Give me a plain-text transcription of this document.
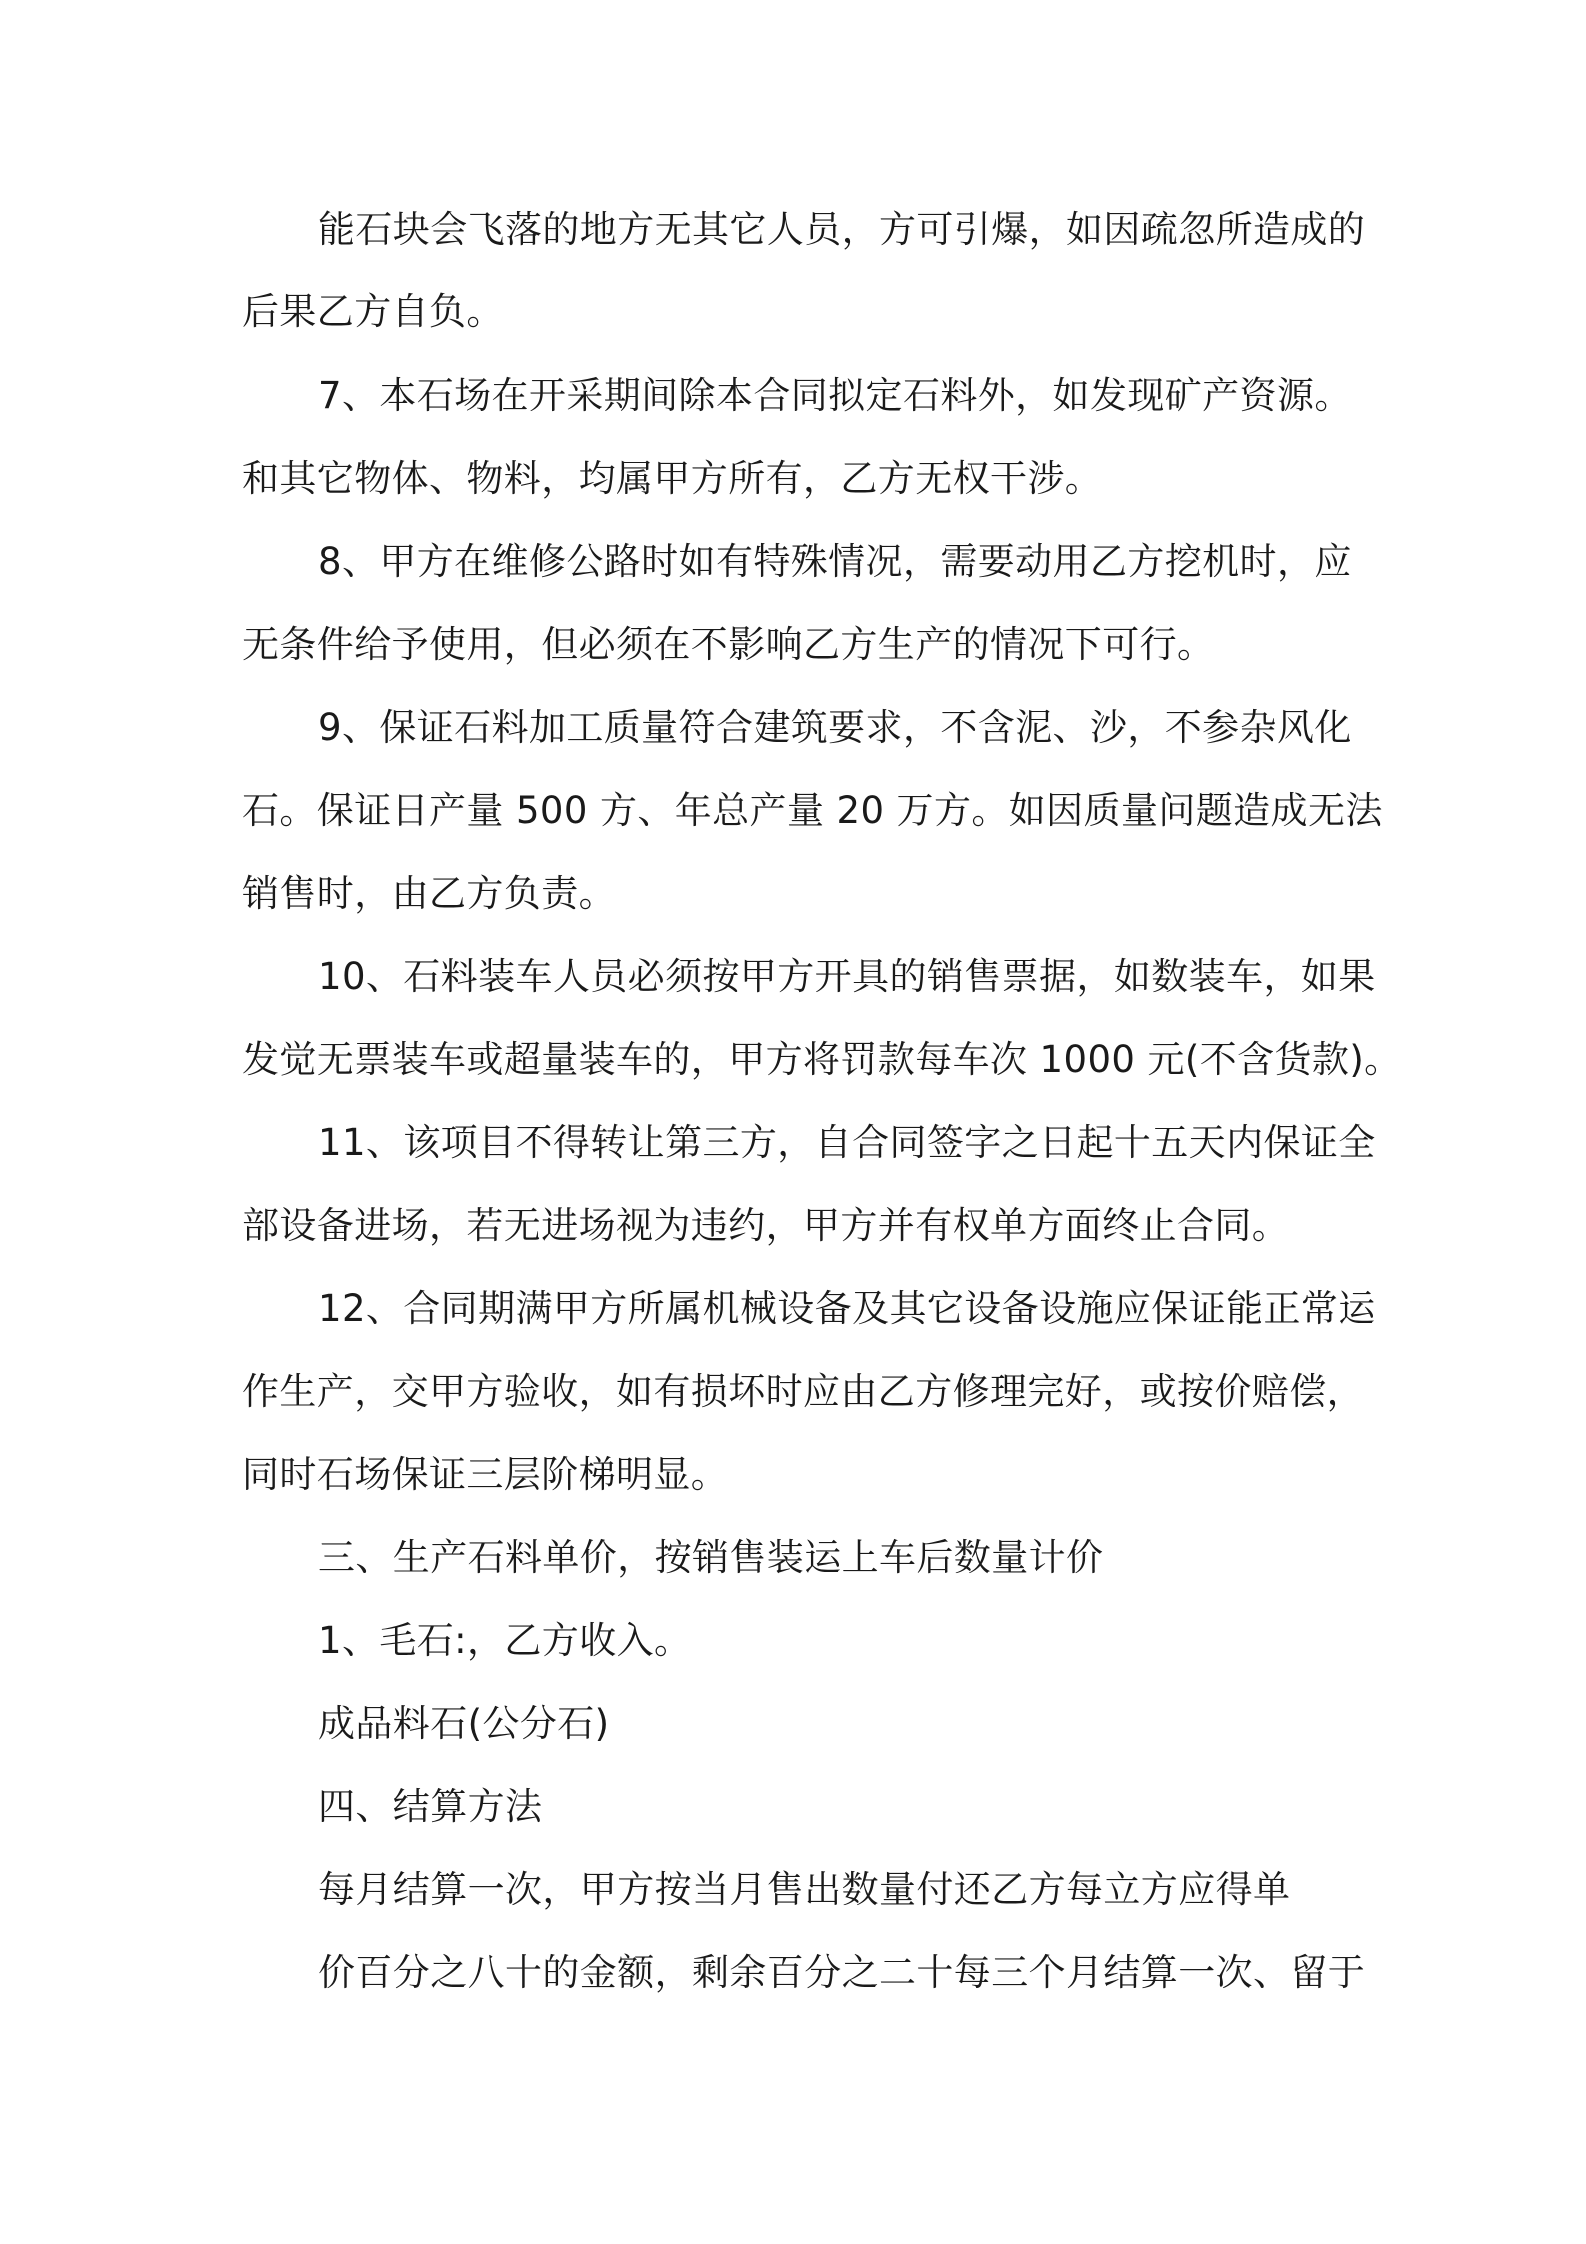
能石块会飞落的地方无其它人员，方可引爆，如因疏忽所造成的
后果乙方自负。
7、本石场在开采期间除本合同拟定石料外，如发现矿产资源。
和其它物体、物料，均属甲方所有，乙方无权干涉。
8、甲方在维修公路时如有特殊情况，需要动用乙方挖机时，应
无条件给予使用，但必须在不影响乙方生产的情况下可行。
9、保证石料加工质量符合建筑要求，不含泥、沙，不参杂风化
石。保证日产量 500 方、年总产量 20 万方。如因质量问题造成无法
销售时，由乙方负责。
10、石料装车人员必须按甲方开具的销售票据，如数装车，如果
发觉无票装车或超量装车的，甲方将罚款每车次 1000 元(不含货款)。
11、该项目不得转让第三方，自合同签字之日起十五天内保证全
部设备进场，若无进场视为违约，甲方并有权单方面终止合同。
12、合同期满甲方所属机械设备及其它设备设施应保证能正常运
作生产，交甲方验收，如有损坏时应由乙方修理完好，或按价赔偿，
同时石场保证三层阶梯明显。
三、生产石料单价，按销售装运上车后数量计价
1、毛石:，乙方收入。
成品料石(公分石)
四、结算方法
每月结算一次，甲方按当月售出数量付还乙方每立方应得单
价百分之八十的金额，剩余百分之二十每三个月结算一次、留于
